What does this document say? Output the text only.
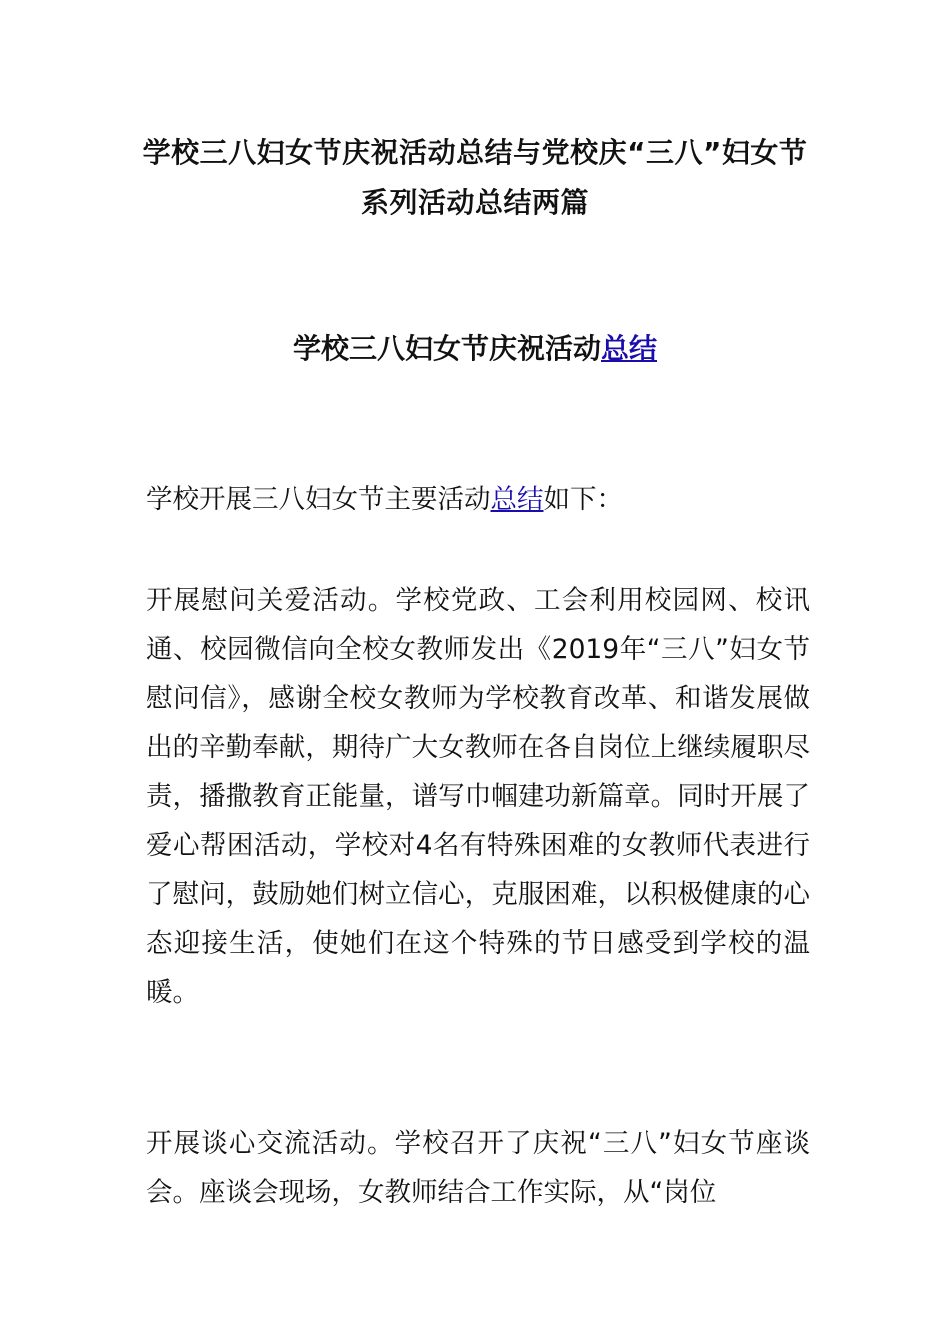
学校三八妇女节庆祝活动总结与党校庆“三八”妇女节系列活动总结两篇
学校三八妇女节庆祝活动总结
学校开展三八妇女节主要活动总结如下：
开展慰问关爱活动。学校党政、工会利用校园网、校讯通、校园微信向全校女教师发出《2019年“三八”妇女节慰问信》，感谢全校女教师为学校教育改革、和谐发展做出的辛勤奉献，期待广大女教师在各自岗位上继续履职尽责，播撒教育正能量，谱写巾帼建功新篇章。同时开展了爱心帮困活动，学校对4名有特殊困难的女教师代表进行了慰问，鼓励她们树立信心，克服困难，以积极健康的心态迎接生活，使她们在这个特殊的节日感受到学校的温暖。
开展谈心交流活动。学校召开了庆祝“三八”妇女节座谈会。座谈会现场，女教师结合工作实际，从“岗位
